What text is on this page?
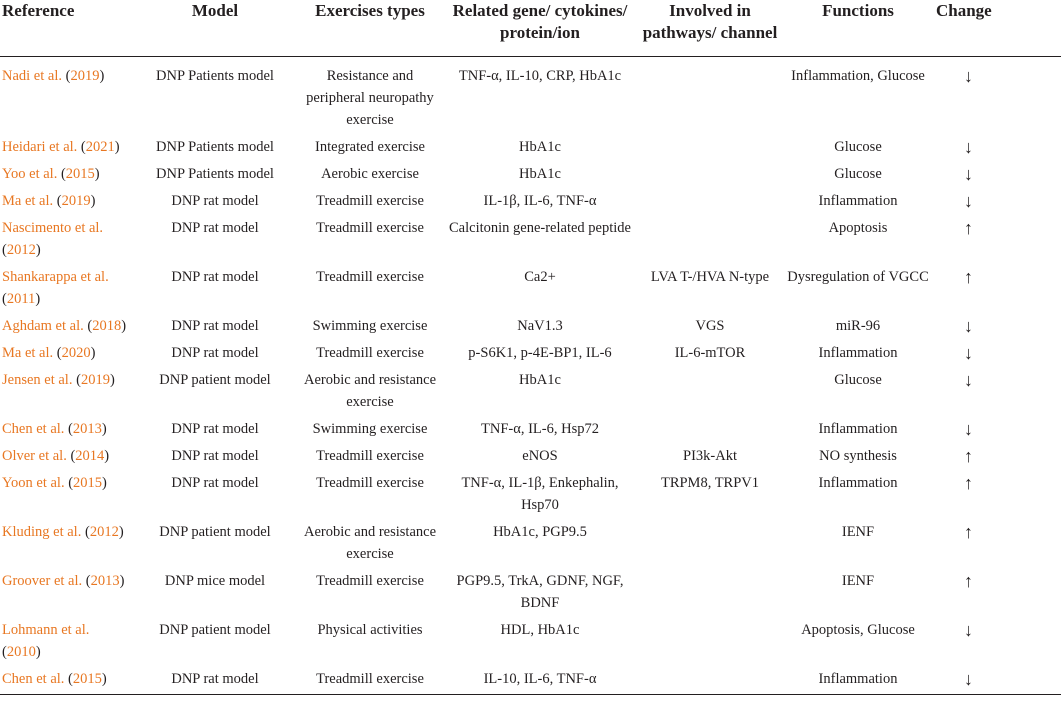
Reference	Model	Exercises types	Related gene/ cytokines/ protein/ion	Involved in pathways/ channel	Functions	Change
Nadi et al. (2019)	DNP Patients model	Resistance and peripheral neuropathy exercise	TNF-α, IL-10, CRP, HbA1c		Inflammation, Glucose	↓

Heidari et al. (2021)	DNP Patients model	Integrated exercise	HbA1c		Glucose	↓

Yoo et al. (2015)	DNP Patients model	Aerobic exercise	HbA1c		Glucose	↓

Ma et al. (2019)	DNP rat model	Treadmill exercise	IL-1β, IL-6, TNF-α		Inflammation	↓

Nascimento et al. (2012)	DNP rat model	Treadmill exercise	Calcitonin gene-related peptide		Apoptosis	↑

Shankarappa et al. (2011)	DNP rat model	Treadmill exercise	Ca2+	LVA T-/HVA N-type	Dysregulation of VGCC	↑

Aghdam et al. (2018)	DNP rat model	Swimming exercise	NaV1.3	VGS	miR-96	↓

Ma et al. (2020)	DNP rat model	Treadmill exercise	p-S6K1, p-4E-BP1, IL-6	IL-6-mTOR	Inflammation	↓

Jensen et al. (2019)	DNP patient model	Aerobic and resistance exercise	HbA1c		Glucose	↓

Chen et al. (2013)	DNP rat model	Swimming exercise	TNF-α, IL-6, Hsp72		Inflammation	↓

Olver et al. (2014)	DNP rat model	Treadmill exercise	eNOS	PI3k-Akt	NO synthesis	↑

Yoon et al. (2015)	DNP rat model	Treadmill exercise	TNF-α, IL-1β, Enkephalin, Hsp70	TRPM8, TRPV1	Inflammation	↑

Kluding et al. (2012)	DNP patient model	Aerobic and resistance exercise	HbA1c, PGP9.5		IENF	↑

Groover et al. (2013)	DNP mice model	Treadmill exercise	PGP9.5, TrkA, GDNF, NGF, BDNF		IENF	↑

Lohmann et al. (2010)	DNP patient model	Physical activities	HDL, HbA1c		Apoptosis, Glucose	↓

Chen et al. (2015)	DNP rat model	Treadmill exercise	IL-10, IL-6, TNF-α		Inflammation	↓
